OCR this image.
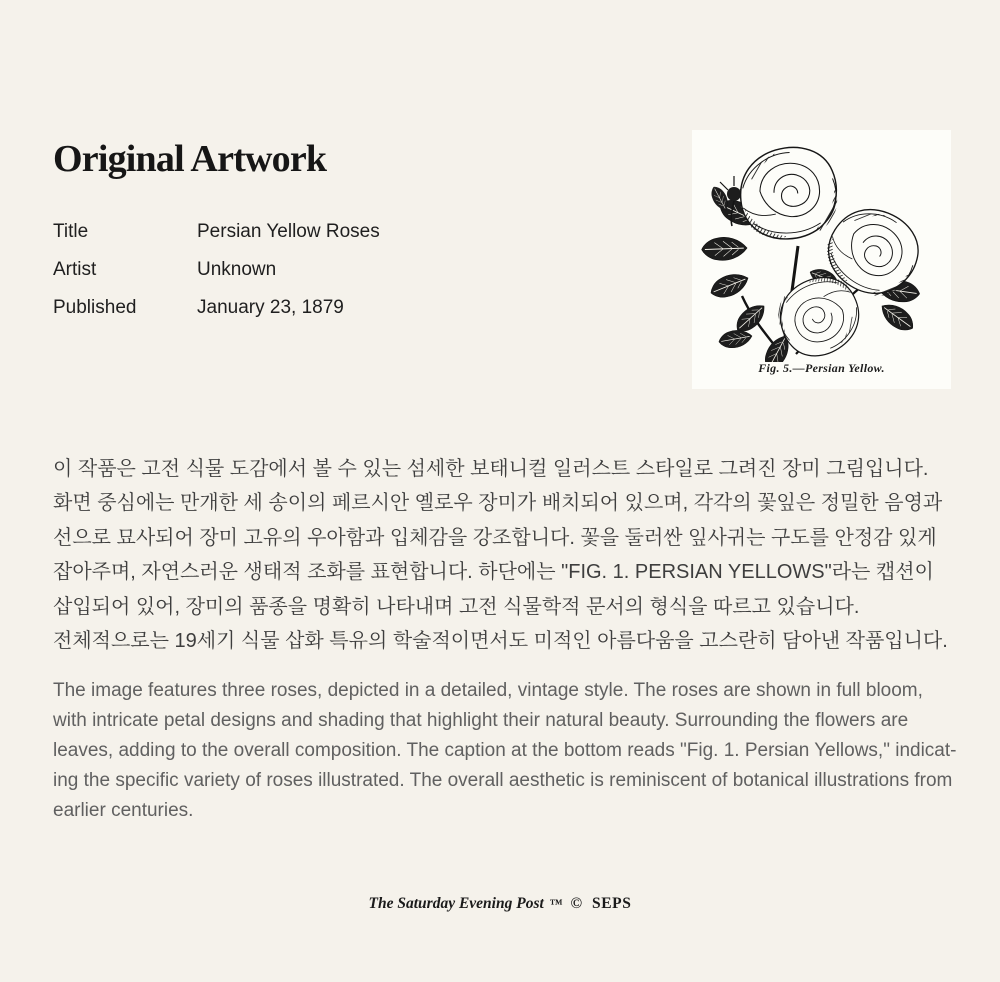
Original Artwork
Title	Persian Yellow Roses
Artist	Unknown
Published	January 23, 1879
Fig. 5.—Persian Yellow.
이 작품은 고전 식물 도감에서 볼 수 있는 섬세한 보태니컬 일러스트 스타일로 그려진 장미 그림입니다.
화면 중심에는 만개한 세 송이의 페르시안 옐로우 장미가 배치되어 있으며, 각각의 꽃잎은 정밀한 음영과
선으로 묘사되어 장미 고유의 우아함과 입체감을 강조합니다. 꽃을 둘러싼 잎사귀는 구도를 안정감 있게
잡아주며, 자연스러운 생태적 조화를 표현합니다. 하단에는 "FIG. 1. PERSIAN YELLOWS"라는 캡션이
삽입되어 있어, 장미의 품종을 명확히 나타내며 고전 식물학적 문서의 형식을 따르고 있습니다.
전체적으로는 19세기 식물 삽화 특유의 학술적이면서도 미적인 아름다움을 고스란히 담아낸 작품입니다.
The image features three roses, depicted in a detailed, vintage style. The roses are shown in full bloom,
with intricate petal designs and shading that highlight their natural beauty. Surrounding the flowers are
leaves, adding to the overall composition. The caption at the bottom reads "Fig. 1. Persian Yellows," indicat-
ing the specific variety of roses illustrated. The overall aesthetic is reminiscent of botanical illustrations from
earlier centuries.
The Saturday Evening Post ™ © SEPS
